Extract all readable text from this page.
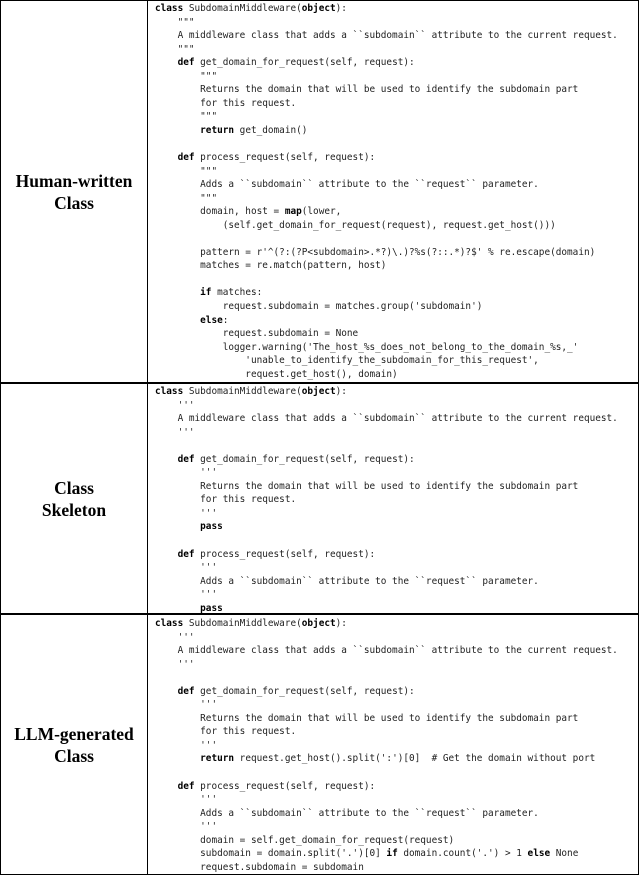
Human-written
Class
class SubdomainMiddleware(object):
"""
A middleware class that adds a ``subdomain`` attribute to the current request.
"""
def get_domain_for_request(self, request):
"""
Returns the domain that will be used to identify the subdomain part
for this request.
"""
return get_domain()
def process_request(self, request):
"""
Adds a ``subdomain`` attribute to the ``request`` parameter.
"""
domain, host = map(lower,
(self.get_domain_for_request(request), request.get_host()))
pattern = r'^(?:(?P<subdomain>.*?)\.)?%s(?::.*)?$' % re.escape(domain)
matches = re.match(pattern, host)
if matches:
request.subdomain = matches.group('subdomain')
else:
request.subdomain = None
logger.warning('The_host_%s_does_not_belong_to_the_domain_%s,_'
'unable_to_identify_the_subdomain_for_this_request',
request.get_host(), domain)
Class
Skeleton
class SubdomainMiddleware(object):
'''
A middleware class that adds a ``subdomain`` attribute to the current request.
'''
def get_domain_for_request(self, request):
'''
Returns the domain that will be used to identify the subdomain part
for this request.
'''
pass
def process_request(self, request):
'''
Adds a ``subdomain`` attribute to the ``request`` parameter.
'''
pass
LLM-generated
Class
class SubdomainMiddleware(object):
'''
A middleware class that adds a ``subdomain`` attribute to the current request.
'''
def get_domain_for_request(self, request):
'''
Returns the domain that will be used to identify the subdomain part
for this request.
'''
return request.get_host().split(':')[0]  # Get the domain without port
def process_request(self, request):
'''
Adds a ``subdomain`` attribute to the ``request`` parameter.
'''
domain = self.get_domain_for_request(request)
subdomain = domain.split('.')[0] if domain.count('.') > 1 else None
request.subdomain = subdomain
